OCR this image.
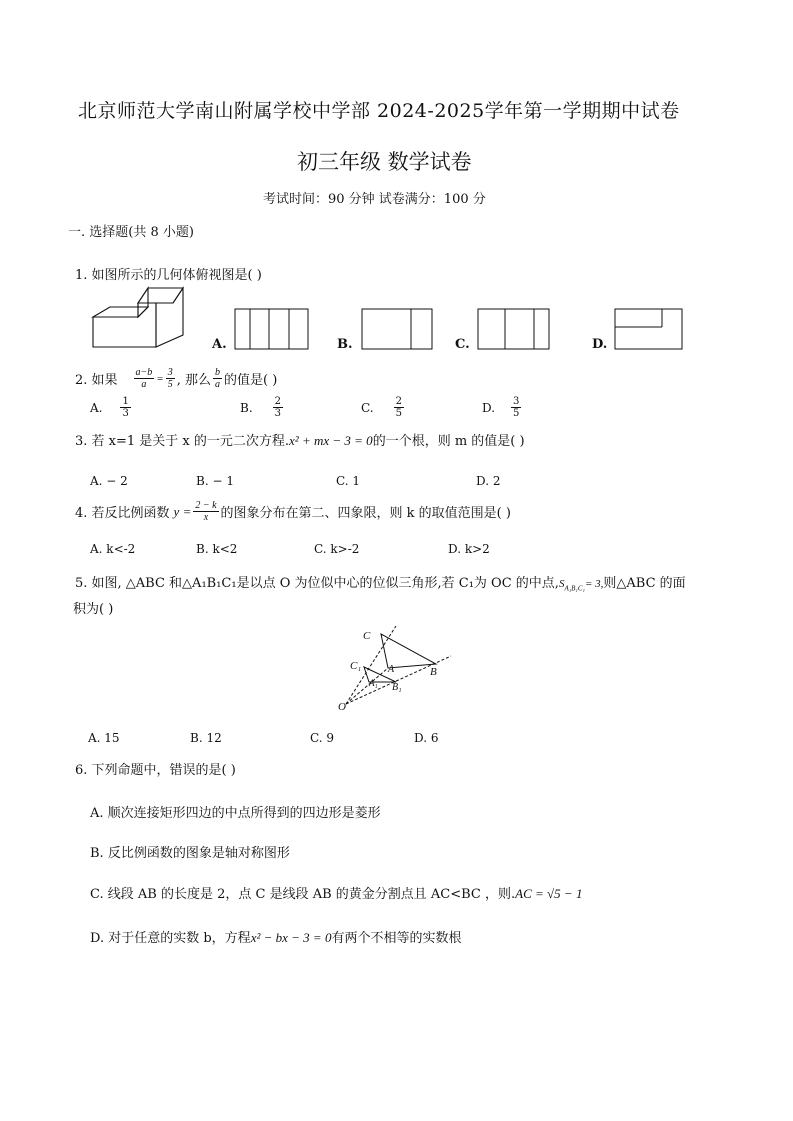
北京师范大学南山附属学校中学部 2024-2025学年第一学期期中试卷
初三年级 数学试卷
考试时间：90 分钟 试卷满分：100 分
一. 选择题(共 8 小题)
1. 如图所示的几何体俯视图是( )
A.	B.	C.	D.
2. 如果 $\frac{a-b}{a} = \frac{3}{5}$ , 那么 $\frac{b}{a}$ 的值是( )
A. $\frac{1}{3}$	B. $\frac{2}{3}$	C. $\frac{2}{5}$	D. $\frac{3}{5}$
3. 若 x=1 是关于 x 的一元二次方程.x² + mx − 3 = 0的一个根，则 m 的值是( )
A. − 2	B. − 1	C. 1	D. 2
4. 若反比例函数 $y = \frac{2 - k}{x}$ 的图象分布在第二、四象限，则 k 的取值范围是( )
A. k<-2	B. k<2	C. k>-2	D. k>2
5. 如图, △ABC 和△A₁B₁C₁是以点 O 为位似中心的位似三角形,若 C₁为 OC 的中点$,S_{A_1B_1C_1}= 3$,则△ABC 的面
积为( )
C
C₁	A
A₁
B
B₁
O
A. 15	B. 12	C. 9	D. 6
6. 下列命题中，错误的是( )
A. 顺次连接矩形四边的中点所得到的四边形是菱形
B. 反比例函数的图象是轴对称图形
C. 线段 AB 的长度是 2，点 C 是线段 AB 的黄金分割点且 AC<BC ，则.AC = √5 − 1
D. 对于任意的实数 b，方程x² − bx − 3 = 0有两个不相等的实数根
